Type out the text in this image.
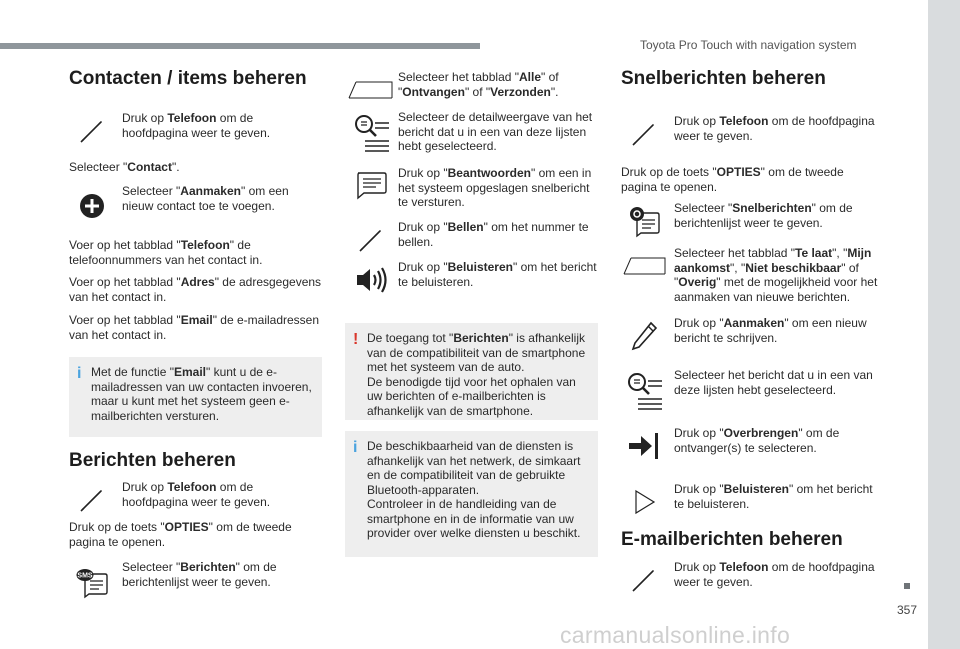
Toyota Pro Touch with navigation system
357
carmanualsonline.info
Contacten / items beheren
Druk op Telefoon om de hoofdpagina weer te geven.
Selecteer "Contact".
Selecteer "Aanmaken" om een nieuw contact toe te voegen.
Voer op het tabblad "Telefoon" de telefoonnummers van het contact in.
Voer op het tabblad "Adres" de adresgegevens van het contact in.
Voer op het tabblad "Email" de e-mailadressen van het contact in.
i Met de functie "Email" kunt u de e-mailadressen van uw contacten invoeren, maar u kunt met het systeem geen e-mailberichten versturen.
Berichten beheren
Druk op Telefoon om de hoofdpagina weer te geven.
Druk op de toets "OPTIES" om de tweede pagina te openen.
SMS
Selecteer "Berichten" om de berichtenlijst weer te geven.
Selecteer het tabblad "Alle" of "Ontvangen" of "Verzonden".
Selecteer de detailweergave van het bericht dat u in een van deze lijsten hebt geselecteerd.
Druk op "Beantwoorden" om een in het systeem opgeslagen snelbericht te versturen.
Druk op "Bellen" om het nummer te bellen.
Druk op "Beluisteren" om het bericht te beluisteren.
! De toegang tot "Berichten" is afhankelijk van de compatibiliteit van de smartphone met het systeem van de auto.
De benodigde tijd voor het ophalen van uw berichten of e-mailberichten is afhankelijk van de smartphone.
i De beschikbaarheid van de diensten is afhankelijk van het netwerk, de simkaart en de compatibiliteit van de gebruikte Bluetooth-apparaten.
Controleer in de handleiding van de smartphone en in de informatie van uw provider over welke diensten u beschikt.
Snelberichten beheren
Druk op Telefoon om de hoofdpagina weer te geven.
Druk op de toets "OPTIES" om de tweede pagina te openen.
Selecteer "Snelberichten" om de berichtenlijst weer te geven.
Selecteer het tabblad "Te laat", "Mijn aankomst", "Niet beschikbaar" of "Overig" met de mogelijkheid voor het aanmaken van nieuwe berichten.
Druk op "Aanmaken" om een nieuw bericht te schrijven.
Selecteer het bericht dat u in een van deze lijsten hebt geselecteerd.
Druk op "Overbrengen" om de ontvanger(s) te selecteren.
Druk op "Beluisteren" om het bericht te beluisteren.
E-mailberichten beheren
Druk op Telefoon om de hoofdpagina weer te geven.
